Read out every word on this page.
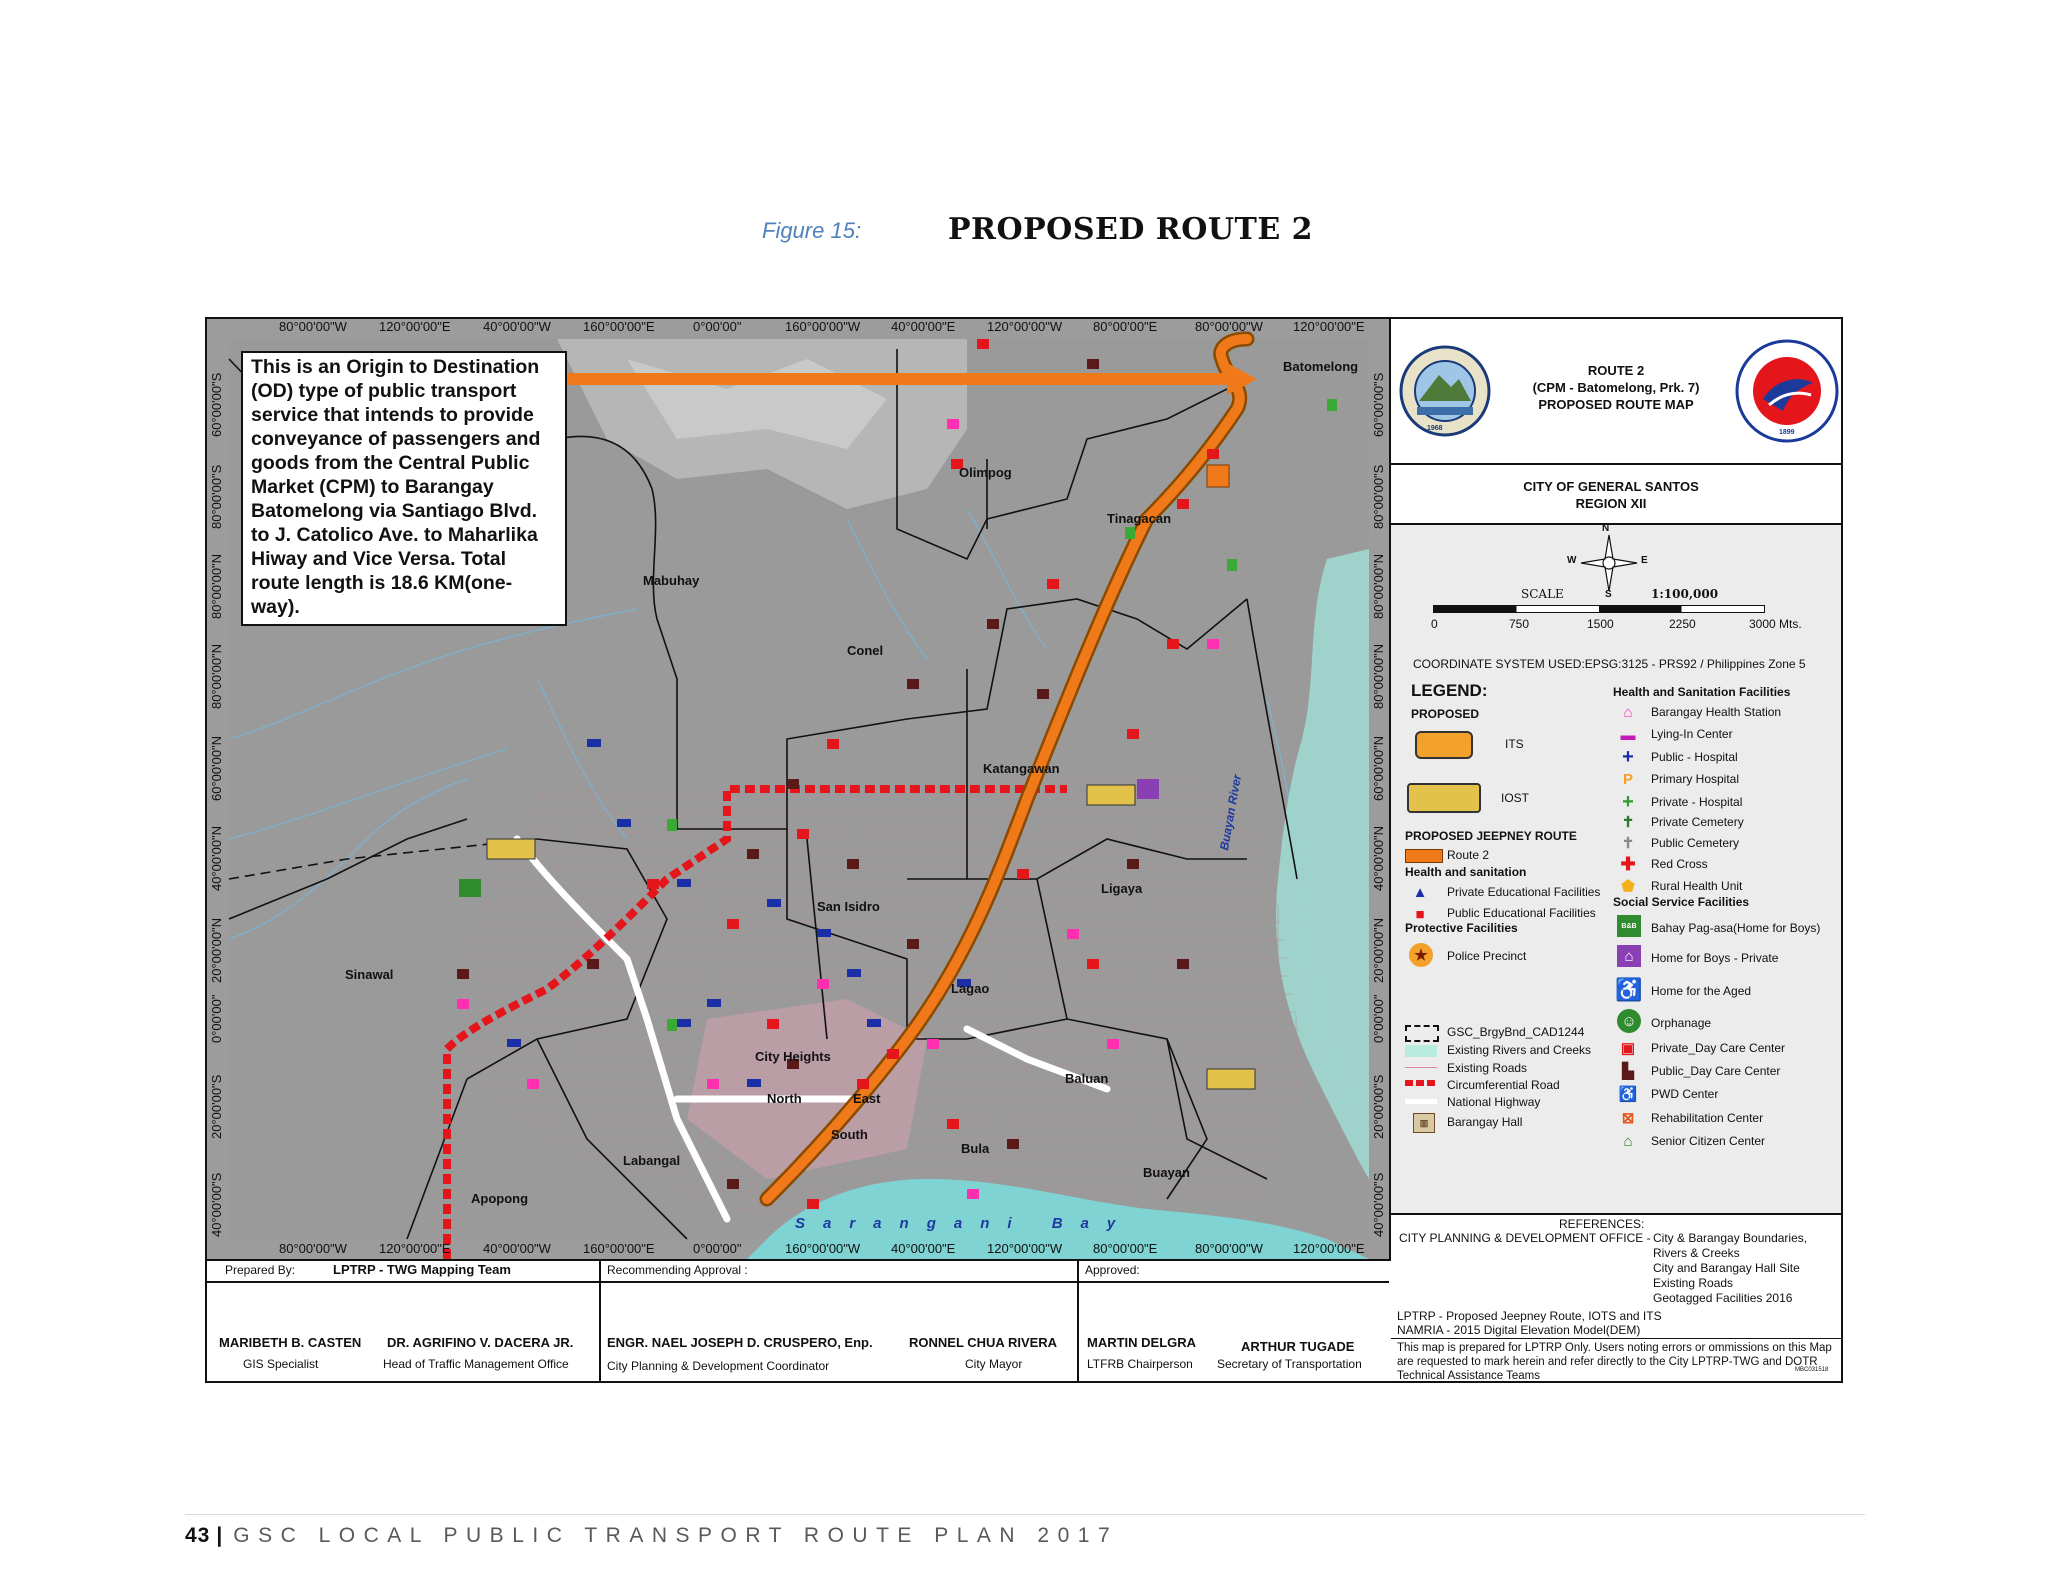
Figure 15:	PROPOSED ROUTE 2
80°00'00"W 120°00'00"E 40°00'00"W 160°00'00"E	0°00'00"	160°00'00"W 40°00'00"E 120°00'00"W 80°00'00"E	80°00'00"W 120°00'00"E
80°00'00"W 120°00'00"E 40°00'00"W 160°00'00"E	0°00'00"	160°00'00"W 40°00'00"E 120°00'00"W 80°00'00"E	80°00'00"W 120°00'00"E
60°00'00"S
80°00'00"S
80°00'00"N
80°00'00"N
60°00'00"N
40°00'00"N
20°00'00"N
0°00'00"
20°00'00"S
40°00'00"S
60°00'00"S
80°00'00"S
80°00'00"N
80°00'00"N
60°00'00"N
40°00'00"N
20°00'00"N
0°00'00"
20°00'00"S
40°00'00"S
This is an Origin to Destination (OD) type of public transport service that intends to provide conveyance of passengers and goods from the Central Public Market (CPM) to Barangay Batomelong via Santiago Blvd. to J. Catolico Ave. to Maharlika Hiway and Vice Versa. Total route length is 18.6 KM(one-way).
Batomelong
Olimpog
Tinagacan
Mabuhay
Conel
Katangawan
Ligaya
San Isidro
Lagao
Sinawal
City Heights
North	East
South
Baluan
Bula
Labangal
Buayan
Apopong
Sarangani Bay
Buayan River
Prepared By:	LPTRP - TWG Mapping Team	Recommending Approval :	Approved:
MARIBETH B. CASTEN
GIS Specialist
DR. AGRIFINO V. DACERA JR.
Head of Traffic Management Office
ENGR. NAEL JOSEPH D. CRUSPERO, Enp.
City Planning & Development Coordinator
RONNEL CHUA RIVERA
City Mayor
MARTIN DELGRA
LTFRB Chairperson
ARTHUR TUGADE
Secretary of Transportation
1968
ROUTE 2
(CPM - Batomelong, Prk. 7)
PROPOSED ROUTE MAP
1899
CITY OF GENERAL SANTOS
REGION XII
N
S
E
W
SCALE	1:100,000
0	750	1500	2250	3000 Mts.
COORDINATE SYSTEM USED:EPSG:3125 - PRS92 / Philippines Zone 5
LEGEND:
PROPOSED
ITS
IOST
PROPOSED JEEPNEY ROUTE
Route 2
Health and sanitation
▲ Private Educational Facilities
■	Public Educational Facilities
Protective Facilities
★	Police Precinct
GSC_BrgyBnd_CAD1244
Existing Rivers and Creeks
Existing Roads
Circumferential Road
National Highway
▥	Barangay Hall
Health and Sanitation Facilities
⌂	Barangay Health Station
▬ Lying-In Center
+ Public - Hospital
P	Primary Hospital
+ Private - Hospital
✝ Private Cemetery
✝ Public Cemetery
✚ Red Cross
⬟ Rural Health Unit
Social Service Facilities
B&B	Bahay Pag-asa(Home for Boys)
⌂	Home for Boys - Private
♿ Home for the Aged
☺	Orphanage
▣ Private_Day Care Center
▙ Public_Day Care Center
♿ PWD Center
⊠ Rehabilitation Center
⌂	Senior Citizen Center
REFERENCES:
CITY PLANNING & DEVELOPMENT OFFICE - City & Barangay Boundaries,
Rivers & Creeks
City and Barangay Hall Site
Existing Roads
Geotagged Facilities 2016
LPTRP - Proposed Jeepney Route, IOTS and ITS
NAMRIA - 2015 Digital Elevation Model(DEM)
This map is prepared for LPTRP Only. Users noting errors or ommissions on this Map are requested to mark herein and refer directly to the City LPTRP-TWG and DOTR Technical Assistance Teams	MBC031518
43 | GSC LOCAL PUBLIC TRANSPORT ROUTE PLAN 2017
